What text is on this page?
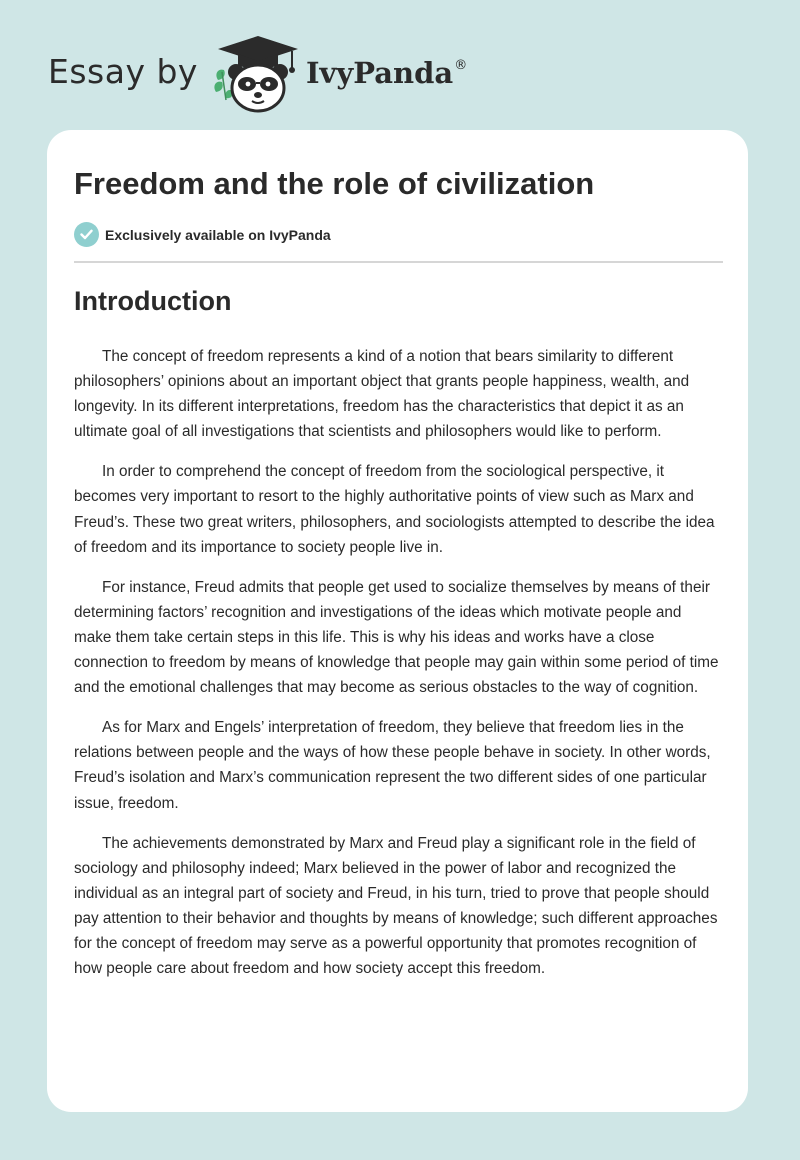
Essay by	IvyPanda®
Freedom and the role of civilization
Exclusively available on IvyPanda
Introduction

The concept of freedom represents a kind of a notion that bears similarity to different philosophers’ opinions about an important object that grants people happiness, wealth, and longevity. In its different interpretations, freedom has the characteristics that depict it as an ultimate goal of all investigations that scientists and philosophers would like to perform.

In order to comprehend the concept of freedom from the sociological perspective, it becomes very important to resort to the highly authoritative points of view such as Marx and Freud’s. These two great writers, philosophers, and sociologists attempted to describe the idea of freedom and its importance to society people live in.

For instance, Freud admits that people get used to socialize themselves by means of their determining factors’ recognition and investigations of the ideas which motivate people and make them take certain steps in this life. This is why his ideas and works have a close connection to freedom by means of knowledge that people may gain within some period of time and the emotional challenges that may become as serious obstacles to the way of cognition.

As for Marx and Engels’ interpretation of freedom, they believe that freedom lies in the relations between people and the ways of how these people behave in society. In other words, Freud’s isolation and Marx’s communication represent the two different sides of one particular issue, freedom.

The achievements demonstrated by Marx and Freud play a significant role in the field of sociology and philosophy indeed; Marx believed in the power of labor and recognized the individual as an integral part of society and Freud, in his turn, tried to prove that people should pay attention to their behavior and thoughts by means of knowledge; such different approaches for the concept of freedom may serve as a powerful opportunity that promotes recognition of how people care about freedom and how society accept this freedom.
